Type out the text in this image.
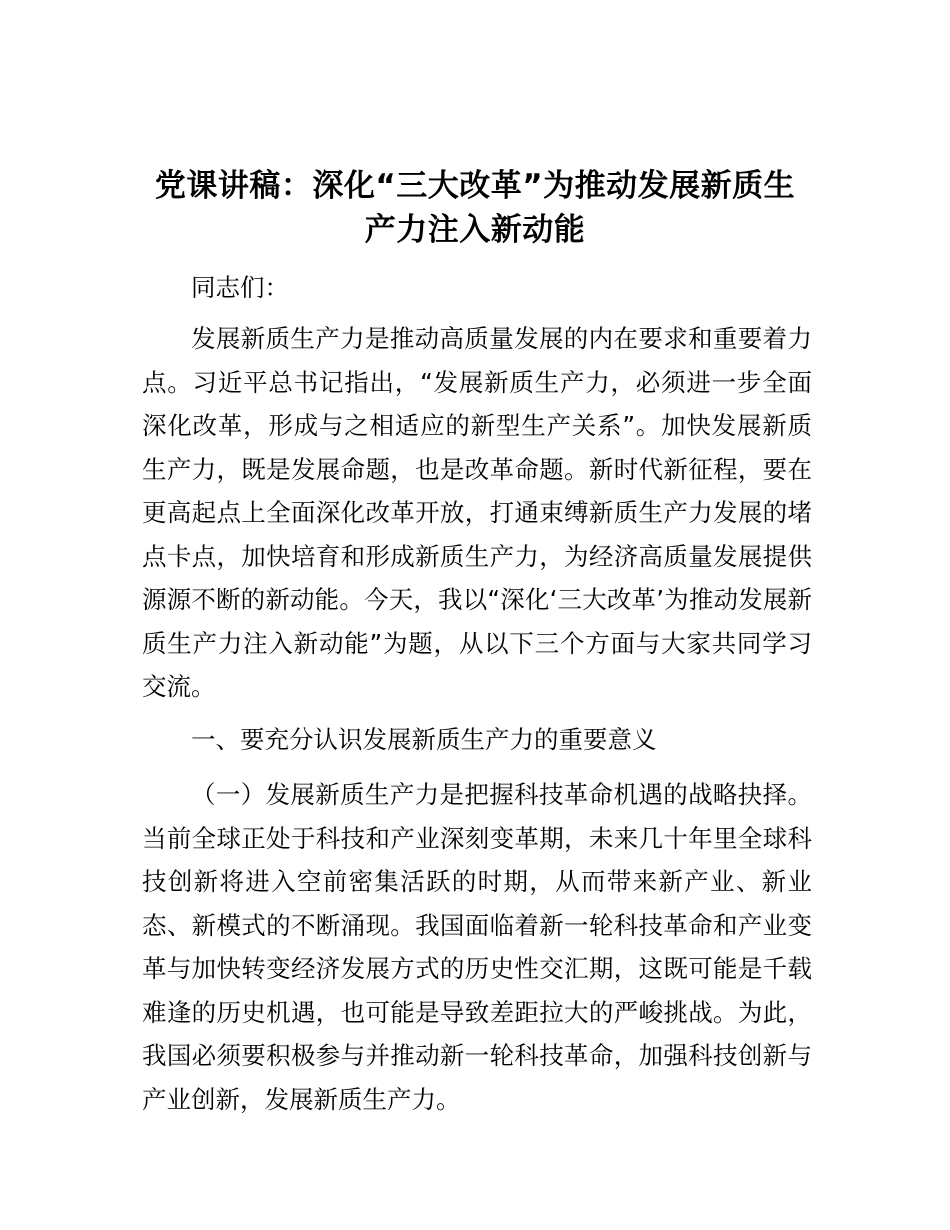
党课讲稿：深化“三大改革”为推动发展新质生
产力注入新动能

同志们：

发展新质生产力是推动高质量发展的内在要求和重要着力点。习近平总书记指出，“发展新质生产力，必须进一步全面深化改革，形成与之相适应的新型生产关系”。加快发展新质生产力，既是发展命题，也是改革命题。新时代新征程，要在更高起点上全面深化改革开放，打通束缚新质生产力发展的堵点卡点，加快培育和形成新质生产力，为经济高质量发展提供源源不断的新动能。今天，我以“深化‘三大改革’为推动发展新质生产力注入新动能”为题，从以下三个方面与大家共同学习交流。

一、要充分认识发展新质生产力的重要意义

（一）发展新质生产力是把握科技革命机遇的战略抉择。当前全球正处于科技和产业深刻变革期，未来几十年里全球科技创新将进入空前密集活跃的时期，从而带来新产业、新业态、新模式的不断涌现。我国面临着新一轮科技革命和产业变革与加快转变经济发展方式的历史性交汇期，这既可能是千载难逢的历史机遇，也可能是导致差距拉大的严峻挑战。为此，我国必须要积极参与并推动新一轮科技革命，加强科技创新与产业创新，发展新质生产力。
